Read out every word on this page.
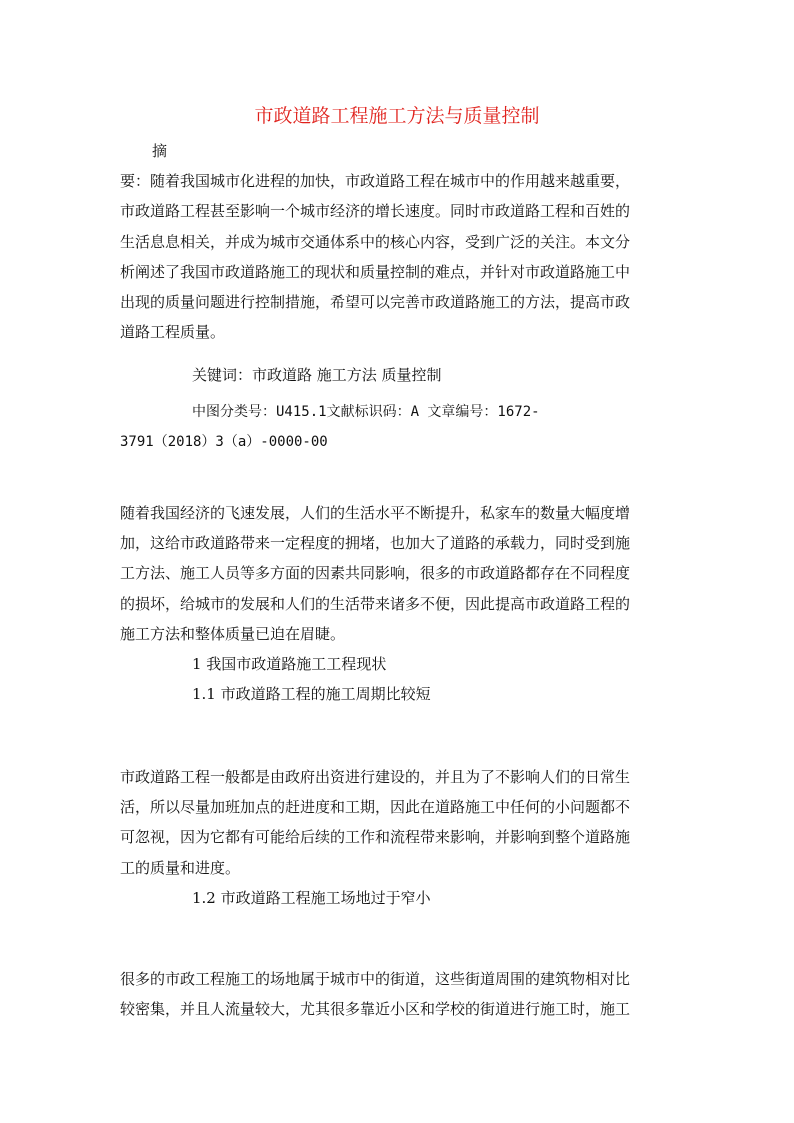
市政道路工程施工方法与质量控制
摘
要：随着我国城市化进程的加快，市政道路工程在城市中的作用越来越重要，
市政道路工程甚至影响一个城市经济的增长速度。同时市政道路工程和百姓的
生活息息相关，并成为城市交通体系中的核心内容，受到广泛的关注。本文分
析阐述了我国市政道路施工的现状和质量控制的难点，并针对市政道路施工中
出现的质量问题进行控制措施，希望可以完善市政道路施工的方法，提高市政
道路工程质量。
关键词：市政道路 施工方法 质量控制
中图分类号：U415.1文献标识码：A 文章编号：1672-
3791（2018）3（a）-0000-00
随着我国经济的飞速发展，人们的生活水平不断提升，私家车的数量大幅度增
加，这给市政道路带来一定程度的拥堵，也加大了道路的承载力，同时受到施
工方法、施工人员等多方面的因素共同影响，很多的市政道路都存在不同程度
的损坏，给城市的发展和人们的生活带来诸多不便，因此提高市政道路工程的
施工方法和整体质量已迫在眉睫。
1 我国市政道路施工工程现状
1.1 市政道路工程的施工周期比较短
市政道路工程一般都是由政府出资进行建设的，并且为了不影响人们的日常生
活，所以尽量加班加点的赶进度和工期，因此在道路施工中任何的小问题都不
可忽视，因为它都有可能给后续的工作和流程带来影响，并影响到整个道路施
工的质量和进度。
1.2 市政道路工程施工场地过于窄小
很多的市政工程施工的场地属于城市中的街道，这些街道周围的建筑物相对比
较密集，并且人流量较大，尤其很多靠近小区和学校的街道进行施工时，施工
